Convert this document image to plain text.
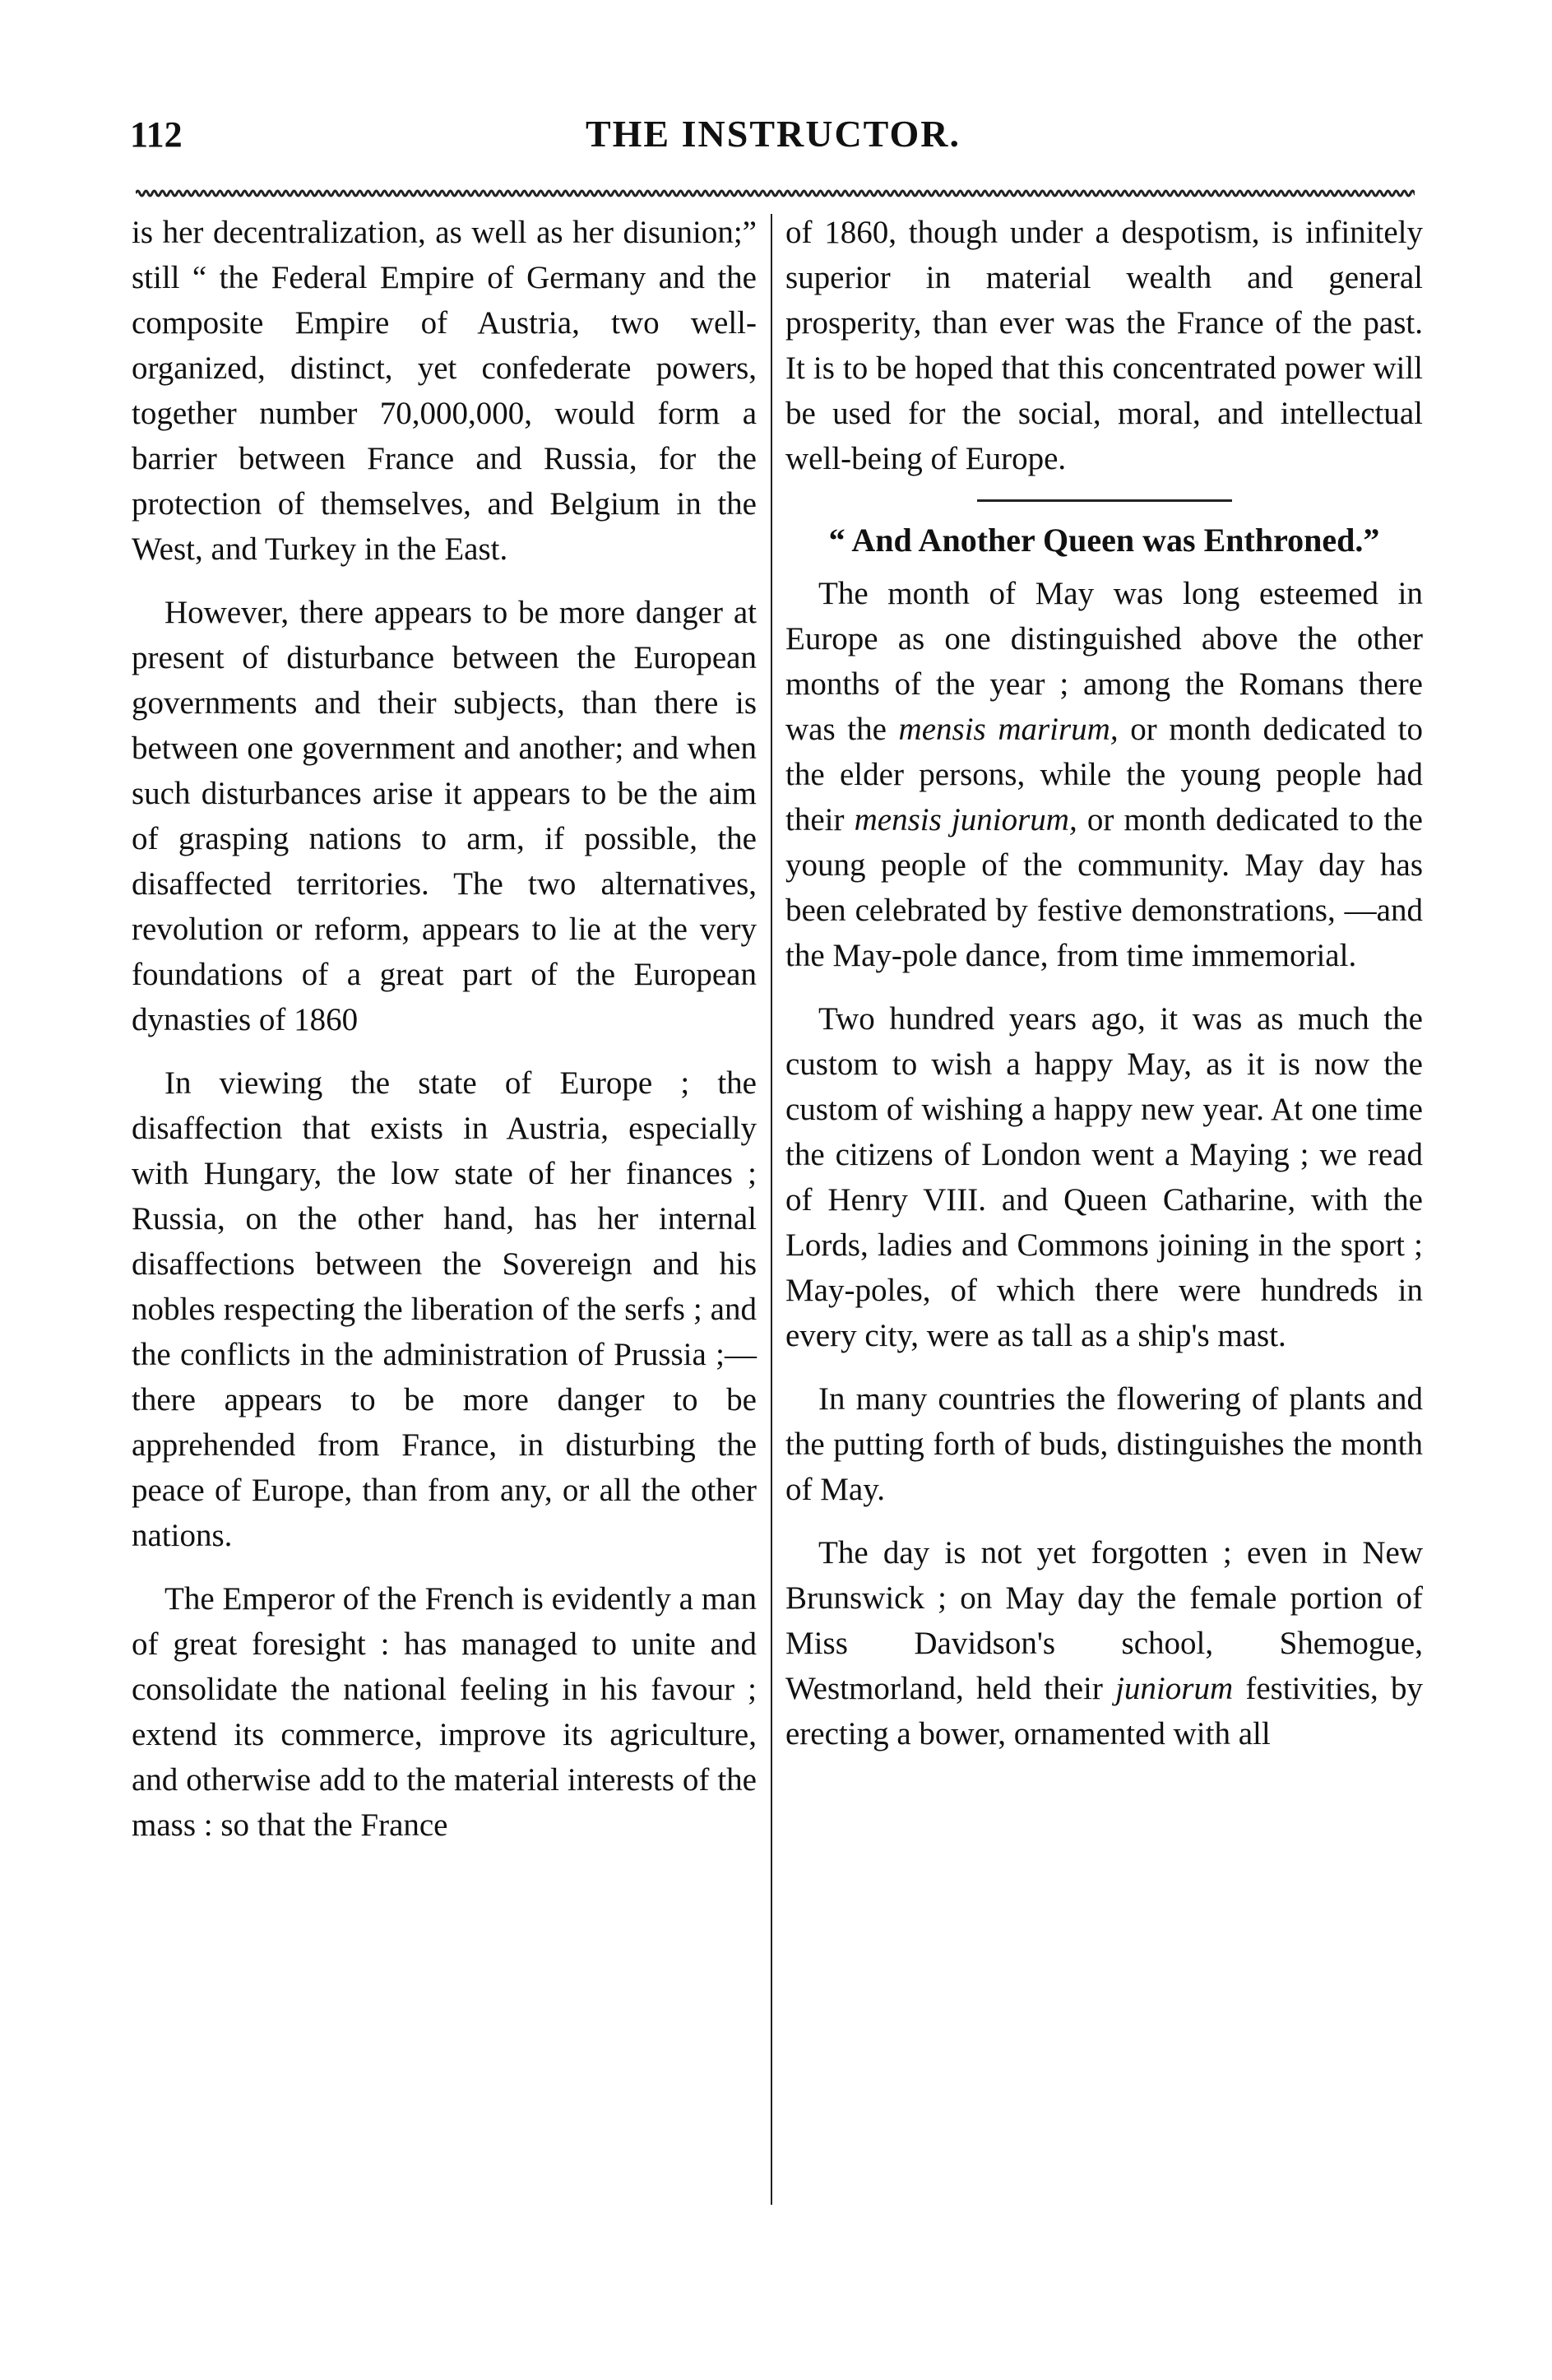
112	THE INSTRUCTOR.

is her decentralization, as well as her disunion;” still “ the Federal Empire of Germany and the composite Empire of Austria, two well-organized, distinct, yet confederate powers, together number 70,000,000, would form a barrier between France and Russia, for the protection of themselves, and Belgium in the West, and Turkey in the East.

However, there appears to be more danger at present of disturbance between the European governments and their subjects, than there is between one government and another; and when such disturbances arise it appears to be the aim of grasping nations to arm, if possible, the disaffected territories. The two alternatives, revolution or reform, appears to lie at the very foundations of a great part of the European dynasties of 1860

In viewing the state of Europe ; the disaffection that exists in Austria, especially with Hungary, the low state of her finances ; Russia, on the other hand, has her internal disaffections between the Sovereign and his nobles respecting the liberation of the serfs ; and the conflicts in the administration of Prussia ;—there appears to be more danger to be apprehended from France, in disturbing the peace of Europe, than from any, or all the other nations.

The Emperor of the French is evidently a man of great foresight : has managed to unite and consolidate the national feeling in his favour ; extend its commerce, improve its agriculture, and otherwise add to the material interests of the mass : so that the France

of 1860, though under a despotism, is infinitely superior in material wealth and general prosperity, than ever was the France of the past. It is to be hoped that this concentrated power will be used for the social, moral, and intellectual well-being of Europe.

“ And Another Queen was Enthroned.”

The month of May was long esteemed in Europe as one distinguished above the other months of the year ; among the Romans there was the mensis marirum, or month dedicated to the elder persons, while the young people had their mensis juniorum, or month dedicated to the young people of the community. May day has been celebrated by festive demonstrations, —and the May-pole dance, from time immemorial.

Two hundred years ago, it was as much the custom to wish a happy May, as it is now the custom of wishing a happy new year. At one time the citizens of London went a Maying ; we read of Henry VIII. and Queen Catharine, with the Lords, ladies and Commons joining in the sport ; May-poles, of which there were hundreds in every city, were as tall as a ship's mast.

In many countries the flowering of plants and the putting forth of buds, distinguishes the month of May.

The day is not yet forgotten ; even in New Brunswick ; on May day the female portion of Miss Davidson's school, Shemogue, Westmorland, held their juniorum festivities, by erecting a bower, ornamented with all
